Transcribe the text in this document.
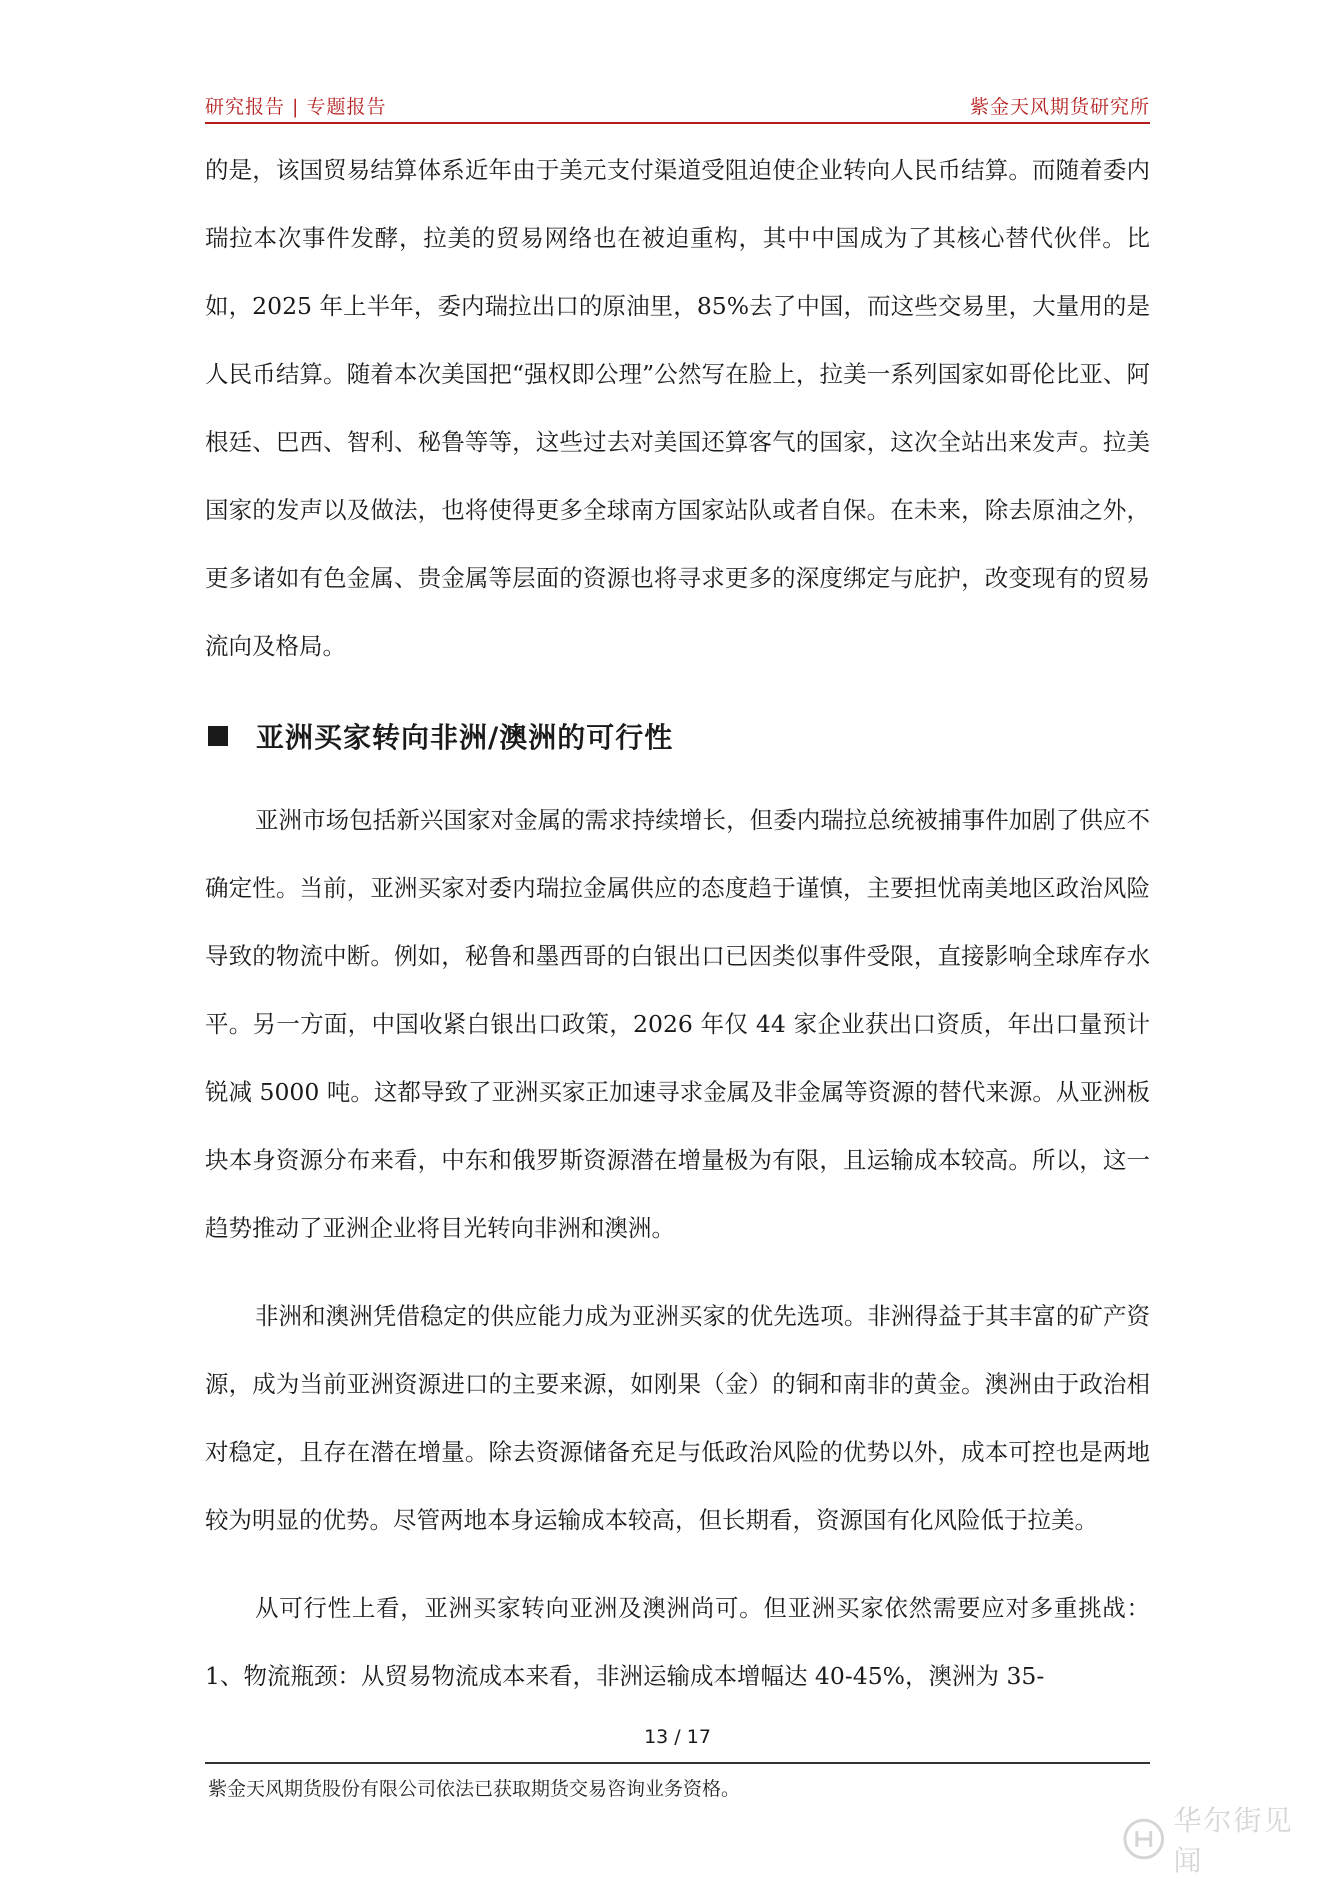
研究报告 | 专题报告	紫金天风期货研究所

的是，该国贸易结算体系近年由于美元支付渠道受阻迫使企业转向人民币结算。而随着委内瑞拉本次事件发酵，拉美的贸易网络也在被迫重构，其中中国成为了其核心替代伙伴。比如，2025 年上半年，委内瑞拉出口的原油里，85%去了中国，而这些交易里，大量用的是人民币结算。随着本次美国把“强权即公理”公然写在脸上，拉美一系列国家如哥伦比亚、阿根廷、巴西、智利、秘鲁等等，这些过去对美国还算客气的国家，这次全站出来发声。拉美国家的发声以及做法，也将使得更多全球南方国家站队或者自保。在未来，除去原油之外，更多诸如有色金属、贵金属等层面的资源也将寻求更多的深度绑定与庇护，改变现有的贸易流向及格局。

亚洲买家转向非洲/澳洲的可行性

亚洲市场包括新兴国家对金属的需求持续增长，但委内瑞拉总统被捕事件加剧了供应不确定性。当前，亚洲买家对委内瑞拉金属供应的态度趋于谨慎，主要担忧南美地区政治风险导致的物流中断。例如，秘鲁和墨西哥的白银出口已因类似事件受限，直接影响全球库存水平。另一方面，中国收紧白银出口政策，2026 年仅 44 家企业获出口资质，年出口量预计锐减 5000 吨。这都导致了亚洲买家正加速寻求金属及非金属等资源的替代来源。从亚洲板块本身资源分布来看，中东和俄罗斯资源潜在增量极为有限，且运输成本较高。所以，这一趋势推动了亚洲企业将目光转向非洲和澳洲。

非洲和澳洲凭借稳定的供应能力成为亚洲买家的优先选项。非洲得益于其丰富的矿产资源，成为当前亚洲资源进口的主要来源，如刚果（金）的铜和南非的黄金。澳洲由于政治相对稳定，且存在潜在增量。除去资源储备充足与低政治风险的优势以外，成本可控也是两地较为明显的优势。尽管两地本身运输成本较高，但长期看，资源国有化风险低于拉美。

从可行性上看，亚洲买家转向亚洲及澳洲尚可。但亚洲买家依然需要应对多重挑战：1、物流瓶颈：从贸易物流成本来看，非洲运输成本增幅达 40-45%，澳洲为 35-

13 / 17
紫金天风期货股份有限公司依法已获取期货交易咨询业务资格。
华尔街见闻
